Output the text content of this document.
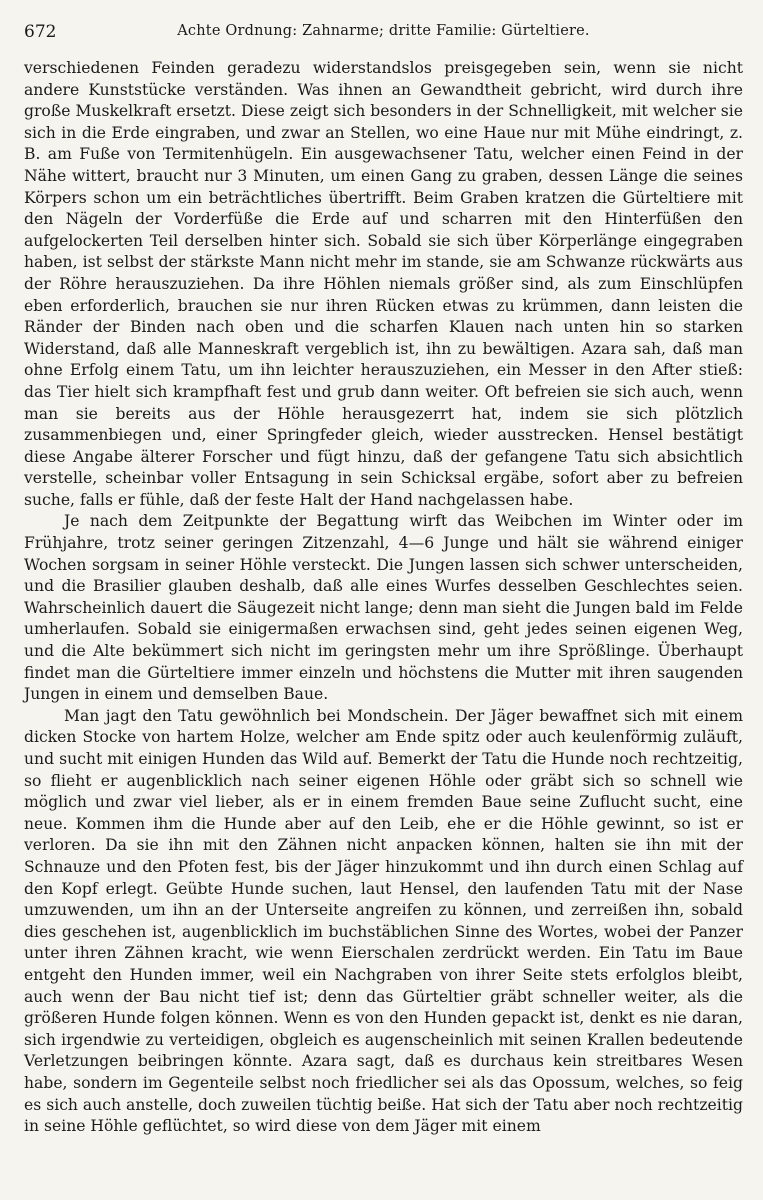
672	Achte Ordnung: Zahnarme; dritte Familie: Gürteltiere.

verschiedenen Feinden geradezu widerstandslos preisgegeben sein, wenn sie nicht andere Kunststücke verständen. Was ihnen an Gewandtheit gebricht, wird durch ihre große Muskelkraft ersetzt. Diese zeigt sich besonders in der Schnelligkeit, mit welcher sie sich in die Erde eingraben, und zwar an Stellen, wo eine Haue nur mit Mühe eindringt, z. B. am Fuße von Termitenhügeln. Ein ausgewachsener Tatu, welcher einen Feind in der Nähe wittert, braucht nur 3 Minuten, um einen Gang zu graben, dessen Länge die seines Körpers schon um ein beträchtliches übertrifft. Beim Graben kratzen die Gürteltiere mit den Nägeln der Vorderfüße die Erde auf und scharren mit den Hinterfüßen den aufgelockerten Teil derselben hinter sich. Sobald sie sich über Körperlänge eingegraben haben, ist selbst der stärkste Mann nicht mehr im stande, sie am Schwanze rückwärts aus der Röhre herauszuziehen. Da ihre Höhlen niemals größer sind, als zum Einschlüpfen eben erforderlich, brauchen sie nur ihren Rücken etwas zu krümmen, dann leisten die Ränder der Binden nach oben und die scharfen Klauen nach unten hin so starken Widerstand, daß alle Manneskraft vergeblich ist, ihn zu bewältigen. Azara sah, daß man ohne Erfolg einem Tatu, um ihn leichter herauszuziehen, ein Messer in den After stieß: das Tier hielt sich krampfhaft fest und grub dann weiter. Oft befreien sie sich auch, wenn man sie bereits aus der Höhle herausgezerrt hat, indem sie sich plötzlich zusammenbiegen und, einer Springfeder gleich, wieder ausstrecken. Hensel bestätigt diese Angabe älterer Forscher und fügt hinzu, daß der gefangene Tatu sich absichtlich verstelle, scheinbar voller Entsagung in sein Schicksal ergäbe, sofort aber zu befreien suche, falls er fühle, daß der feste Halt der Hand nachgelassen habe.

Je nach dem Zeitpunkte der Begattung wirft das Weibchen im Winter oder im Frühjahre, trotz seiner geringen Zitzenzahl, 4—6 Junge und hält sie während einiger Wochen sorgsam in seiner Höhle versteckt. Die Jungen lassen sich schwer unterscheiden, und die Brasilier glauben deshalb, daß alle eines Wurfes desselben Geschlechtes seien. Wahrscheinlich dauert die Säugezeit nicht lange; denn man sieht die Jungen bald im Felde umherlaufen. Sobald sie einigermaßen erwachsen sind, geht jedes seinen eigenen Weg, und die Alte bekümmert sich nicht im geringsten mehr um ihre Sprößlinge. Überhaupt findet man die Gürteltiere immer einzeln und höchstens die Mutter mit ihren saugenden Jungen in einem und demselben Baue.

Man jagt den Tatu gewöhnlich bei Mondschein. Der Jäger bewaffnet sich mit einem dicken Stocke von hartem Holze, welcher am Ende spitz oder auch keulenförmig zuläuft, und sucht mit einigen Hunden das Wild auf. Bemerkt der Tatu die Hunde noch rechtzeitig, so flieht er augenblicklich nach seiner eigenen Höhle oder gräbt sich so schnell wie möglich und zwar viel lieber, als er in einem fremden Baue seine Zuflucht sucht, eine neue. Kommen ihm die Hunde aber auf den Leib, ehe er die Höhle gewinnt, so ist er verloren. Da sie ihn mit den Zähnen nicht anpacken können, halten sie ihn mit der Schnauze und den Pfoten fest, bis der Jäger hinzukommt und ihn durch einen Schlag auf den Kopf erlegt. Geübte Hunde suchen, laut Hensel, den laufenden Tatu mit der Nase umzuwenden, um ihn an der Unterseite angreifen zu können, und zerreißen ihn, sobald dies geschehen ist, augenblicklich im buchstäblichen Sinne des Wortes, wobei der Panzer unter ihren Zähnen kracht, wie wenn Eierschalen zerdrückt werden. Ein Tatu im Baue entgeht den Hunden immer, weil ein Nachgraben von ihrer Seite stets erfolglos bleibt, auch wenn der Bau nicht tief ist; denn das Gürteltier gräbt schneller weiter, als die größeren Hunde folgen können. Wenn es von den Hunden gepackt ist, denkt es nie daran, sich irgendwie zu verteidigen, obgleich es augenscheinlich mit seinen Krallen bedeutende Verletzungen beibringen könnte. Azara sagt, daß es durchaus kein streitbares Wesen habe, sondern im Gegenteile selbst noch friedlicher sei als das Opossum, welches, so feig es sich auch anstelle, doch zuweilen tüchtig beiße. Hat sich der Tatu aber noch rechtzeitig in seine Höhle geflüchtet, so wird diese von dem Jäger mit einem
